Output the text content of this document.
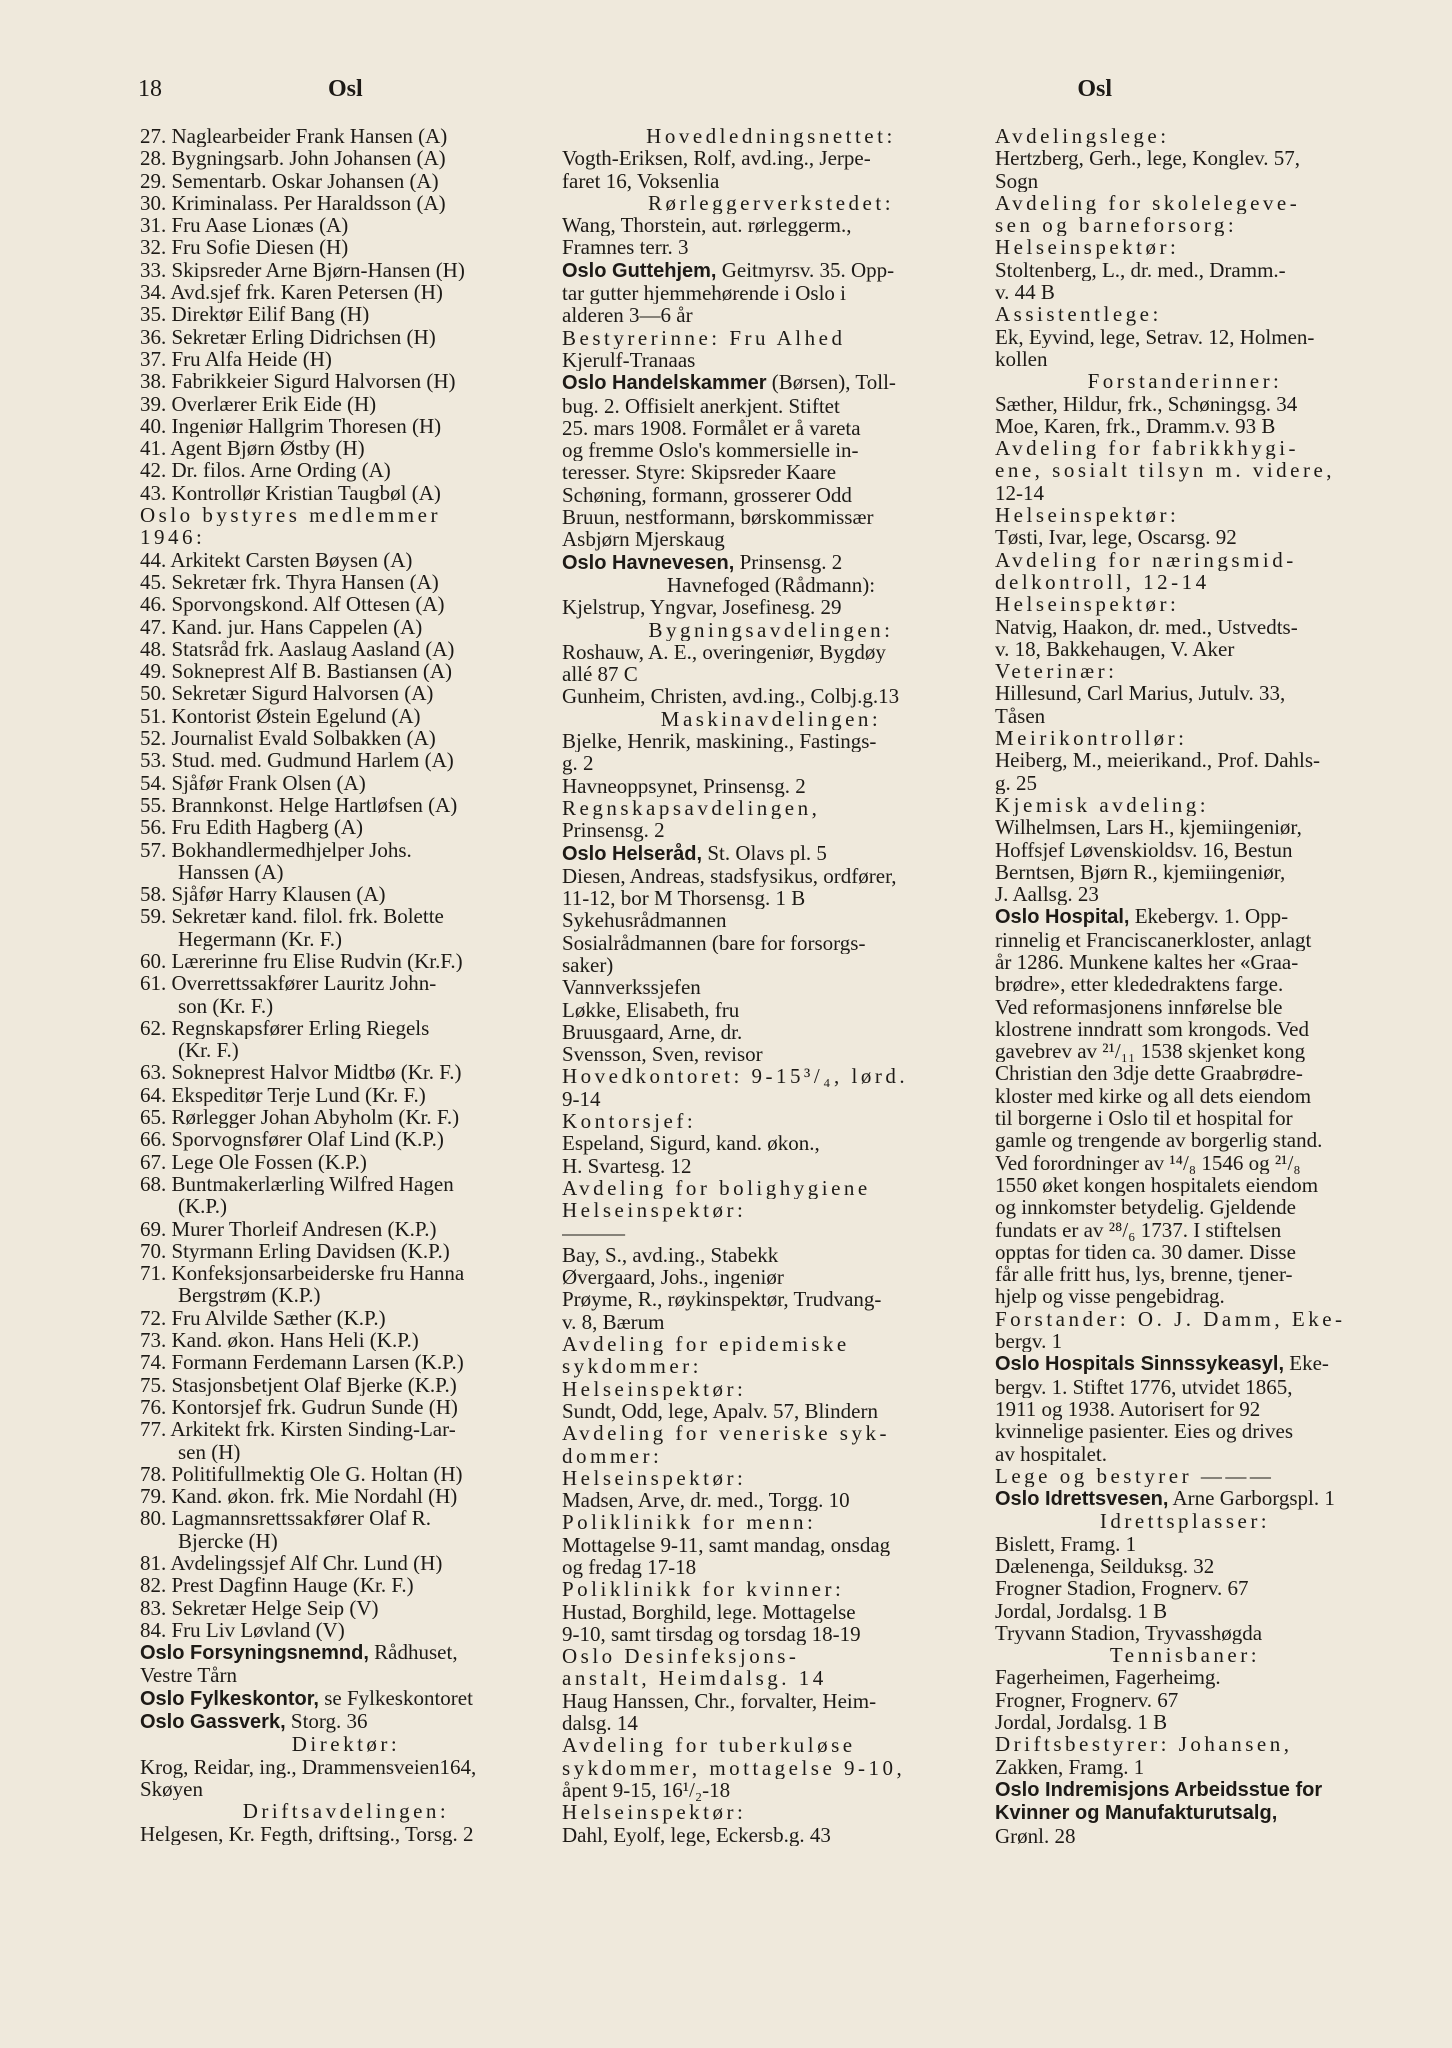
18	Osl	Osl
27. Naglearbeider Frank Hansen (A)
28. Bygningsarb. John Johansen (A)
29. Sementarb. Oskar Johansen (A)
30. Kriminalass. Per Haraldsson (A)
31. Fru Aase Lionæs (A)
32. Fru Sofie Diesen (H)
33. Skipsreder Arne Bjørn-Hansen (H)
34. Avd.sjef frk. Karen Petersen (H)
35. Direktør Eilif Bang (H)
36. Sekretær Erling Didrichsen (H)
37. Fru Alfa Heide (H)
38. Fabrikkeier Sigurd Halvorsen (H)
39. Overlærer Erik Eide (H)
40. Ingeniør Hallgrim Thoresen (H)
41. Agent Bjørn Østby (H)
42. Dr. filos. Arne Ording (A)
43. Kontrollør Kristian Taugbøl (A)
Oslo bystyres medlemmer
1946:
44. Arkitekt Carsten Bøysen (A)
45. Sekretær frk. Thyra Hansen (A)
46. Sporvongskond. Alf Ottesen (A)
47. Kand. jur. Hans Cappelen (A)
48. Statsråd frk. Aaslaug Aasland (A)
49. Sokneprest Alf B. Bastiansen (A)
50. Sekretær Sigurd Halvorsen (A)
51. Kontorist Østein Egelund (A)
52. Journalist Evald Solbakken (A)
53. Stud. med. Gudmund Harlem (A)
54. Sjåfør Frank Olsen (A)
55. Brannkonst. Helge Hartløfsen (A)
56. Fru Edith Hagberg (A)
57. Bokhandlermedhjelper Johs.
Hanssen (A)
58. Sjåfør Harry Klausen (A)
59. Sekretær kand. filol. frk. Bolette
Hegermann (Kr. F.)
60. Lærerinne fru Elise Rudvin (Kr.F.)
61. Overrettssakfører Lauritz John-
son (Kr. F.)
62. Regnskapsfører Erling Riegels
(Kr. F.)
63. Sokneprest Halvor Midtbø (Kr. F.)
64. Ekspeditør Terje Lund (Kr. F.)
65. Rørlegger Johan Abyholm (Kr. F.)
66. Sporvognsfører Olaf Lind (K.P.)
67. Lege Ole Fossen (K.P.)
68. Buntmakerlærling Wilfred Hagen
(K.P.)
69. Murer Thorleif Andresen (K.P.)
70. Styrmann Erling Davidsen (K.P.)
71. Konfeksjonsarbeiderske fru Hanna
Bergstrøm (K.P.)
72. Fru Alvilde Sæther (K.P.)
73. Kand. økon. Hans Heli (K.P.)
74. Formann Ferdemann Larsen (K.P.)
75. Stasjonsbetjent Olaf Bjerke (K.P.)
76. Kontorsjef frk. Gudrun Sunde (H)
77. Arkitekt frk. Kirsten Sinding-Lar-
sen (H)
78. Politifullmektig Ole G. Holtan (H)
79. Kand. økon. frk. Mie Nordahl (H)
80. Lagmannsrettssakfører Olaf R.
Bjercke (H)
81. Avdelingssjef Alf Chr. Lund (H)
82. Prest Dagfinn Hauge (Kr. F.)
83. Sekretær Helge Seip (V)
84. Fru Liv Løvland (V)
Oslo Forsyningsnemnd, Rådhuset,
Vestre Tårn
Oslo Fylkeskontor, se Fylkeskontoret
Oslo Gassverk, Storg. 36
Direktør:
Krog, Reidar, ing., Drammensveien164,
Skøyen
Driftsavdelingen:
Helgesen, Kr. Fegth, driftsing., Torsg. 2
Hovedledningsnettet:
Vogth-Eriksen, Rolf, avd.ing., Jerpe-
faret 16, Voksenlia
Rørleggerverkstedet:
Wang, Thorstein, aut. rørleggerm.,
Framnes terr. 3
Oslo Guttehjem, Geitmyrsv. 35. Opp-
tar gutter hjemmehørende i Oslo i
alderen 3—6 år
Bestyrerinne: Fru Alhed
Kjerulf-Tranaas
Oslo Handelskammer (Børsen), Toll-
bug. 2. Offisielt anerkjent. Stiftet
25. mars 1908. Formålet er å vareta
og fremme Oslo's kommersielle in-
teresser. Styre: Skipsreder Kaare
Schøning, formann, grosserer Odd
Bruun, nestformann, børskommissær
Asbjørn Mjerskaug
Oslo Havnevesen, Prinsensg. 2
Havnefoged (Rådmann):
Kjelstrup, Yngvar, Josefinesg. 29
Bygningsavdelingen:
Roshauw, A. E., overingeniør, Bygdøy
allé 87 C
Gunheim, Christen, avd.ing., Colbj.g.13
Maskinavdelingen:
Bjelke, Henrik, maskining., Fastings-
g. 2
Havneoppsynet, Prinsensg. 2
Regnskapsavdelingen,
Prinsensg. 2
Oslo Helseråd, St. Olavs pl. 5
Diesen, Andreas, stadsfysikus, ordfører,
11-12, bor M Thorsensg. 1 B
Sykehusrådmannen
Sosialrådmannen (bare for forsorgs-
saker)
Vannverkssjefen
Løkke, Elisabeth, fru
Bruusgaard, Arne, dr.
Svensson, Sven, revisor
Hovedkontoret: 9-15³/₄, lørd.
9-14
Kontorsjef:
Espeland, Sigurd, kand. økon.,
H. Svartesg. 12
Avdeling for bolighygiene
Helseinspektør:
———
Bay, S., avd.ing., Stabekk
Øvergaard, Johs., ingeniør
Prøyme, R., røykinspektør, Trudvang-
v. 8, Bærum
Avdeling for epidemiske
sykdommer:
Helseinspektør:
Sundt, Odd, lege, Apalv. 57, Blindern
Avdeling for veneriske syk-
dommer:
Helseinspektør:
Madsen, Arve, dr. med., Torgg. 10
Poliklinikk for menn:
Mottagelse 9-11, samt mandag, onsdag
og fredag 17-18
Poliklinikk for kvinner:
Hustad, Borghild, lege. Mottagelse
9-10, samt tirsdag og torsdag 18-19
Oslo Desinfeksjons-
anstalt, Heimdalsg. 14
Haug Hanssen, Chr., forvalter, Heim-
dalsg. 14
Avdeling for tuberkuløse
sykdommer, mottagelse 9-10,
åpent 9-15, 16¹/₂-18
Helseinspektør:
Dahl, Eyolf, lege, Eckersb.g. 43
Avdelingslege:
Hertzberg, Gerh., lege, Konglev. 57,
Sogn
Avdeling for skolelegeve-
sen og barneforsorg:
Helseinspektør:
Stoltenberg, L., dr. med., Dramm.-
v. 44 B
Assistentlege:
Ek, Eyvind, lege, Setrav. 12, Holmen-
kollen
Forstanderinner:
Sæther, Hildur, frk., Schøningsg. 34
Moe, Karen, frk., Dramm.v. 93 B
Avdeling for fabrikkhygi-
ene, sosialt tilsyn m. videre,
12-14
Helseinspektør:
Tøsti, Ivar, lege, Oscarsg. 92
Avdeling for næringsmid-
delkontroll, 12-14
Helseinspektør:
Natvig, Haakon, dr. med., Ustvedts-
v. 18, Bakkehaugen, V. Aker
Veterinær:
Hillesund, Carl Marius, Jutulv. 33,
Tåsen
Meirikontrollør:
Heiberg, M., meierikand., Prof. Dahls-
g. 25
Kjemisk avdeling:
Wilhelmsen, Lars H., kjemiingeniør,
Hoffsjef Løvenskioldsv. 16, Bestun
Berntsen, Bjørn R., kjemiingeniør,
J. Aallsg. 23
Oslo Hospital, Ekebergv. 1. Opp-
rinnelig et Franciscanerkloster, anlagt
år 1286. Munkene kaltes her «Graa-
brødre», etter klededraktens farge.
Ved reformasjonens innførelse ble
klostrene inndratt som krongods. Ved
gavebrev av ²¹/₁₁ 1538 skjenket kong
Christian den 3dje dette Graabrødre-
kloster med kirke og all dets eiendom
til borgerne i Oslo til et hospital for
gamle og trengende av borgerlig stand.
Ved forordninger av ¹⁴/₈ 1546 og ²¹/₈
1550 øket kongen hospitalets eiendom
og innkomster betydelig. Gjeldende
fundats er av ²⁸/₆ 1737. I stiftelsen
opptas for tiden ca. 30 damer. Disse
får alle fritt hus, lys, brenne, tjener-
hjelp og visse pengebidrag.
Forstander: O. J. Damm, Eke-
bergv. 1
Oslo Hospitals Sinnssykeasyl, Eke-
bergv. 1. Stiftet 1776, utvidet 1865,
1911 og 1938. Autorisert for 92
kvinnelige pasienter. Eies og drives
av hospitalet.
Lege og bestyrer ———
Oslo Idrettsvesen, Arne Garborgspl. 1
Idrettsplasser:
Bislett, Framg. 1
Dælenenga, Seilduksg. 32
Frogner Stadion, Frognerv. 67
Jordal, Jordalsg. 1 B
Tryvann Stadion, Tryvasshøgda
Tennisbaner:
Fagerheimen, Fagerheimg.
Frogner, Frognerv. 67
Jordal, Jordalsg. 1 B
Driftsbestyrer: Johansen,
Zakken, Framg. 1
Oslo Indremisjons Arbeidsstue for
Kvinner og Manufakturutsalg,
Grønl. 28
